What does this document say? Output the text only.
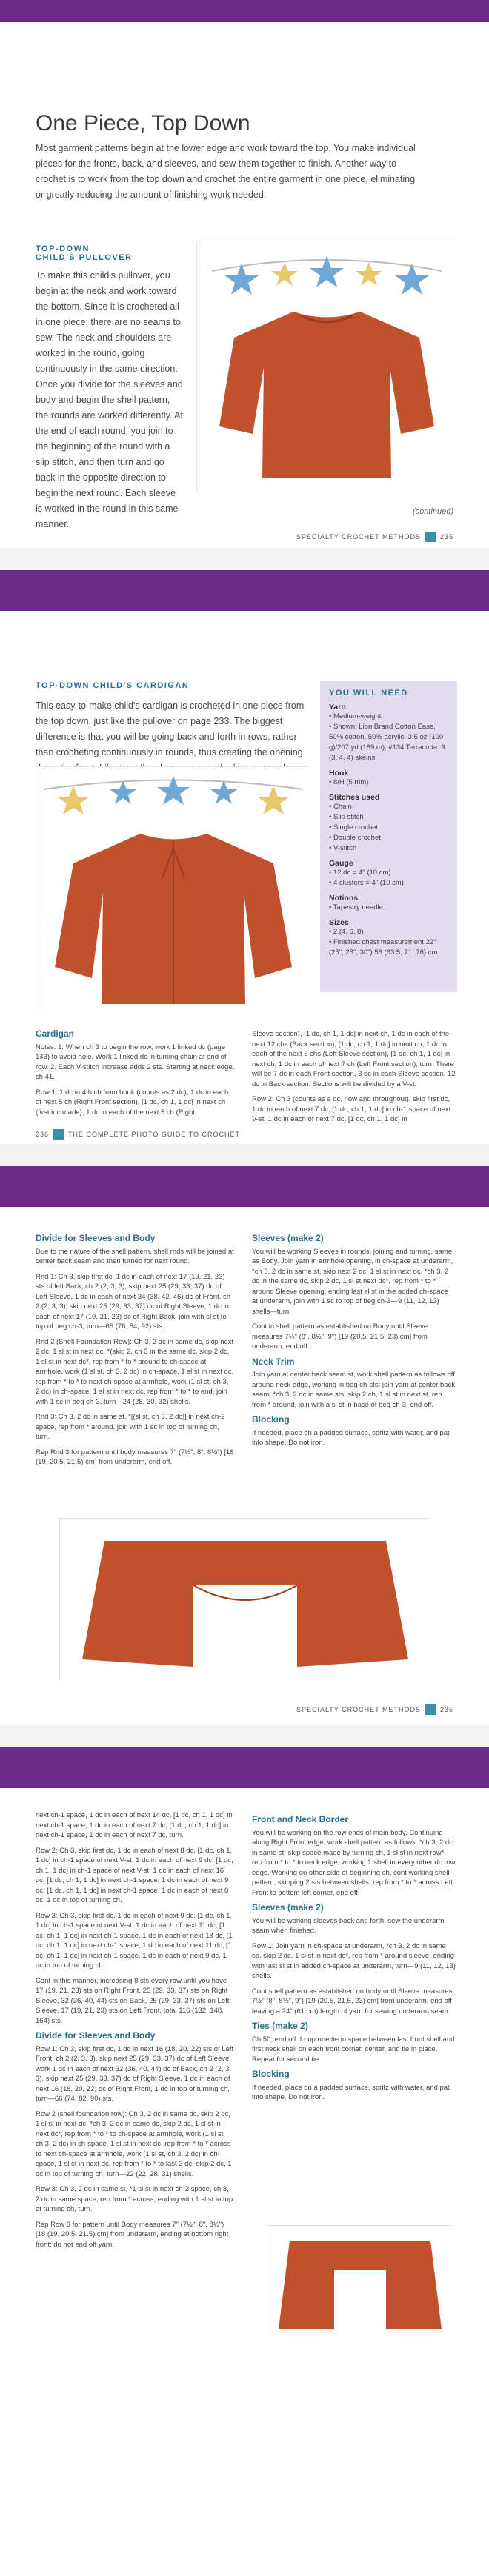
One Piece, Top Down

Most garment patterns begin at the lower edge and work toward the top. You make individual pieces for the fronts, back, and sleeves, and sew them together to finish. Another way to crochet is to work from the top down and crochet the entire garment in one piece, eliminating or greatly reducing the amount of finishing work needed.

TOP-DOWN
CHILD'S PULLOVER

To make this child's pullover, you begin at the neck and work toward the bottom. Since it is crocheted all in one piece, there are no seams to sew. The neck and shoulders are worked in the round, going continuously in the same direction. Once you divide for the sleeves and body and begin the shell pattern, the rounds are worked differently. At the end of each round, you join to the beginning of the round with a slip stitch, and then turn and go back in the opposite direction to begin the next round. Each sleeve is worked in the round in this same manner.

(continued)
SPECIALTY CROCHET METHODS	235
TOP-DOWN CHILD'S CARDIGAN

This easy-to-make child's cardigan is crocheted in one piece from the top down, just like the pullover on page 233. The biggest difference is that you will be going back and forth in rows, rather than crocheting continuously in rounds, thus creating the opening

YOU WILL NEED
Yarn
• Medium-weight
• Shown: Lion Brand Cotton Ease, 50% cotton, 50% acrylic, 3.5 oz (100 g)/207 yd (189 m), #134 Terracotta: 3 (3, 4, 4) skeins
Hook
• 8/H (5 mm)
Stitches used
• Chain
• Slip stitch
• Single crochet
• Double crochet
• V-stitch
Gauge
• 12 dc = 4" (10 cm)
• 4 clusters = 4" (10 cm)
Notions
• Tapestry needle
Sizes
• 2 (4, 6, 8)
• Finished chest measurement 22" (25", 28", 30") 56 (63.5, 71, 76) cm
Cardigan

Notes: 1. When ch 3 to begin the row, work 1 linked dc (page 143) to avoid hole. Work 1 linked dc in turning chain at end of row. 2. Each V-stitch increase adds 2 sts. Starting at neck edge, ch 41.

Row 1: 1 dc in 4th ch from hook (counts as 2 dc), 1 dc in each of next 5 ch (Right Front section), [1 dc, ch 1, 1 dc] in next ch (first inc made), 1 dc in each of the next 5 ch (Right

Sleeve section), [1 dc, ch 1, 1 dc] in next ch, 1 dc in each of the next 12 chs (Back section), [1 dc, ch 1, 1 dc] in next ch, 1 dc in each of the next 5 chs (Left Sleeve section), [1 dc, ch 1, 1 dc] in next ch, 1 dc in each of next 7 ch (Left Front section), turn. There will be 7 dc in each Front section, 3 dc in each Sleeve section, 12 dc in Back section. Sections will be divided by a V-st.

Row 2: Ch 3 (counts as a dc, now and throughout), skip first dc, 1 dc in each of next 7 dc, [1 dc, ch 1, 1 dc] in ch-1 space of next V-st, 1 dc in each of next 7 dc, [1 dc, ch 1, 1 dc] in

236	THE COMPLETE PHOTO GUIDE TO CROCHET
Divide for Sleeves and Body

Due to the nature of the shell pattern, shell rnds will be joined at center back seam and then turned for next round.

Rnd 1: Ch 3, skip first dc, 1 dc in each of next 17 (19, 21, 23) sts of left Back, ch 2 (2, 3, 3), skip next 25 (29, 33, 37) dc of Left Sleeve, 1 dc in each of next 34 (38, 42, 46) dc of Front, ch 2 (2, 3, 3), skip next 25 (29, 33, 37) dc of Right Sleeve, 1 dc in each of next 17 (19, 21, 23) dc of Right Back, join with sl st to top of beg ch-3, turn—68 (76, 84, 92) sts.

Rnd 2 (Shell Foundation Row): Ch 3, 2 dc in same dc, skip next 2 dc, 1 sl st in next dc, *(skip 2, ch 3 in the same dc, skip 2 dc, 1 sl st in next dc*, rep from * to * around to ch-space at armhole, work (1 sl st, ch 3, 2 dc) in ch-space, 1 sl st in next dc, rep from * to * to next ch-space at armhole, work (1 sl st, ch 3, 2 dc) in ch-space, 1 sl st in next dc, rep from * to * to end, join with 1 sc in beg ch-3, turn—24 (28, 30, 32) shells.

Rnd 3: Ch 3, 2 dc in same st, *[(sl st, ch 3, 2 dc)] in next ch-2 space, rep from * around, join with 1 sc in top of turning ch, turn.

Rep Rnd 3 for pattern until body measures 7" (7½", 8", 8½") [18 (19, 20.5, 21.5) cm] from underarm, end off.

Sleeves (make 2)

You will be working Sleeves in rounds, joining and turning, same as Body. Join yarn in armhole opening, in ch-space at underarm, *ch 3, 2 dc in same st, skip next 2 dc, 1 sl st in next dc, *ch 3, 2 dc in the same dc, skip 2 dc, 1 sl st next dc*, rep from * to * around Sleeve opening, ending last sl st in the added ch-space at underarm, join with 1 sc to top of beg ch-3—9 (11, 12, 13) shells—turn.

Cont in shell pattern as established on Body until Sleeve measures 7½" (8", 8½", 9") [19 (20.5, 21.5, 23) cm] from underarm, end off.

Neck Trim

Join yarn at center back seam st, work shell pattern as follows off around neck edge, working in beg ch-sts: join yarn at center back seam, *ch 3, 2 dc in same sts, skip 2 ch, 1 sl st in next st, rep from * around, join with a sl st in base of beg ch-3, end off.

Blocking

If needed, place on a padded surface, spritz with water, and pat into shape. Do not iron.

SPECIALTY CROCHET METHODS	235

next ch-1 space, 1 dc in each of next 14 dc, [1 dc, ch 1, 1 dc] in next ch-1 space, 1 dc in each of next 7 dc, [1 dc, ch 1, 1 dc] in next ch-1 space, 1 dc in each of next 7 dc, turn.

Row 2: Ch 3, skip first dc, 1 dc in each of next 8 dc, [1 dc, ch 1, 1 dc] in ch-1 space of next V-st, 1 dc in each of next 9 dc, [1 dc, ch 1, 1 dc] in ch-1 space of next V-st, 1 dc in each of next 16 dc, [1 dc, ch 1, 1 dc] in next ch-1 space, 1 dc in each of next 9 dc, [1 dc, ch 1, 1 dc] in next ch-1 space, 1 dc in each of next 8 dc, 1 dc in top of turning ch.

Row 3: Ch 3, skip first dc, 1 dc in each of next 9 dc, [1 dc, ch 1, 1 dc] in ch-1 space of next V-st, 1 dc in each of next 11 dc, [1 dc, ch 1, 1 dc] in next ch-1 space, 1 dc in each of next 18 dc, [1 dc, ch 1, 1 dc] in next ch-1 space, 1 dc in each of next 11 dc, [1 dc, ch 1, 1 dc] in next ch-1 space, 1 dc in each of next 9 dc, 1 dc in top of turning ch.

Cont in this manner, increasing 8 sts every row until you have 17 (19, 21, 23) sts on Right Front, 25 (29, 33, 37) sts on Right Sleeve, 32 (36, 40, 44) sts on Back, 25 (29, 33, 37) sts on Left Sleeve, 17 (19, 21, 23) sts on Left Front, total 116 (132, 148, 164) sts.

Divide for Sleeves and Body

Row 1: Ch 3, skip first dc, 1 dc in next 16 (18, 20, 22) sts of Left Front, ch 2 (2, 3, 3), skip next 25 (29, 33, 37) dc of Left Sleeve, work 1 dc in each of next 32 (36, 40, 44) dc of Back, ch 2 (2, 3, 3), skip next 25 (29, 33, 37) dc of Right Sleeve, 1 dc in each of next 16 (18, 20, 22) dc of Right Front, 1 dc in top of turning ch, turn—66 (74, 82, 90) sts.

Row 2 (shell foundation row): Ch 3, 2 dc in same dc, skip 2 dc, 1 sl st in next dc, *ch 3, 2 dc in same dc, skip 2 dc, 1 sl st in next dc*, rep from * to * to ch-space at armhole, work (1 sl st, ch 3, 2 dc) in ch-space, 1 sl st in next dc, rep from * to * across to next ch-space at armhole, work (1 sl st, ch 3, 2 dc) in ch-space, 1 sl st in next dc, rep from * to * to last 3 dc, skip 2 dc, 1 dc in top of turning ch, turn—22 (22, 28, 31) shells.

Row 3: Ch 3, 2 dc in same st, *1 sl st in next ch-2 space, ch 3, 2 dc in same space, rep from * across, ending with 1 sl st in top of turning ch, turn.

Rep Row 3 for pattern until Body measures 7" (7½", 8", 8½") [18 (19, 20.5, 21.5) cm] from underarm, ending at bottom right front; do not end off yarn.

Front and Neck Border

You will be working on the row ends of main body. Continuing along Right Front edge, work shell pattern as follows: *ch 3, 2 dc in same st, skip space made by turning ch, 1 sl st in next row*, rep from * to * to neck edge, working 1 shell in every other dc row edge. Working on other side of beginning ch, cont working shell pattern, skipping 2 sts between shells; rep from * to * across Left Front to bottom left corner, end off.

Sleeves (make 2)

You will be working sleeves back and forth; sew the underarm seam when finished.

Row 1: Join yarn in ch-space at underarm, *ch 3, 2 dc in same sp, skip 2 dc, 1 sl st in next dc*, rep from * around sleeve, ending with last sl st in added ch-space at underarm, turn—9 (11, 12, 13) shells.

Cont shell pattern as established on body until Sleeve measures 7½" (8", 8½", 9") [19 (20.5, 21.5, 23) cm] from underarm, end off, leaving a 24" (61 cm) length of yarn for sewing underarm seam.

Ties (make 2)

Ch 50, end off. Loop one tie in space between last front shell and first neck shell on each front corner, center, and tie in place. Repeat for second tie.

Blocking

If needed, place on a padded surface, spritz with water, and pat into shape. Do not iron.
